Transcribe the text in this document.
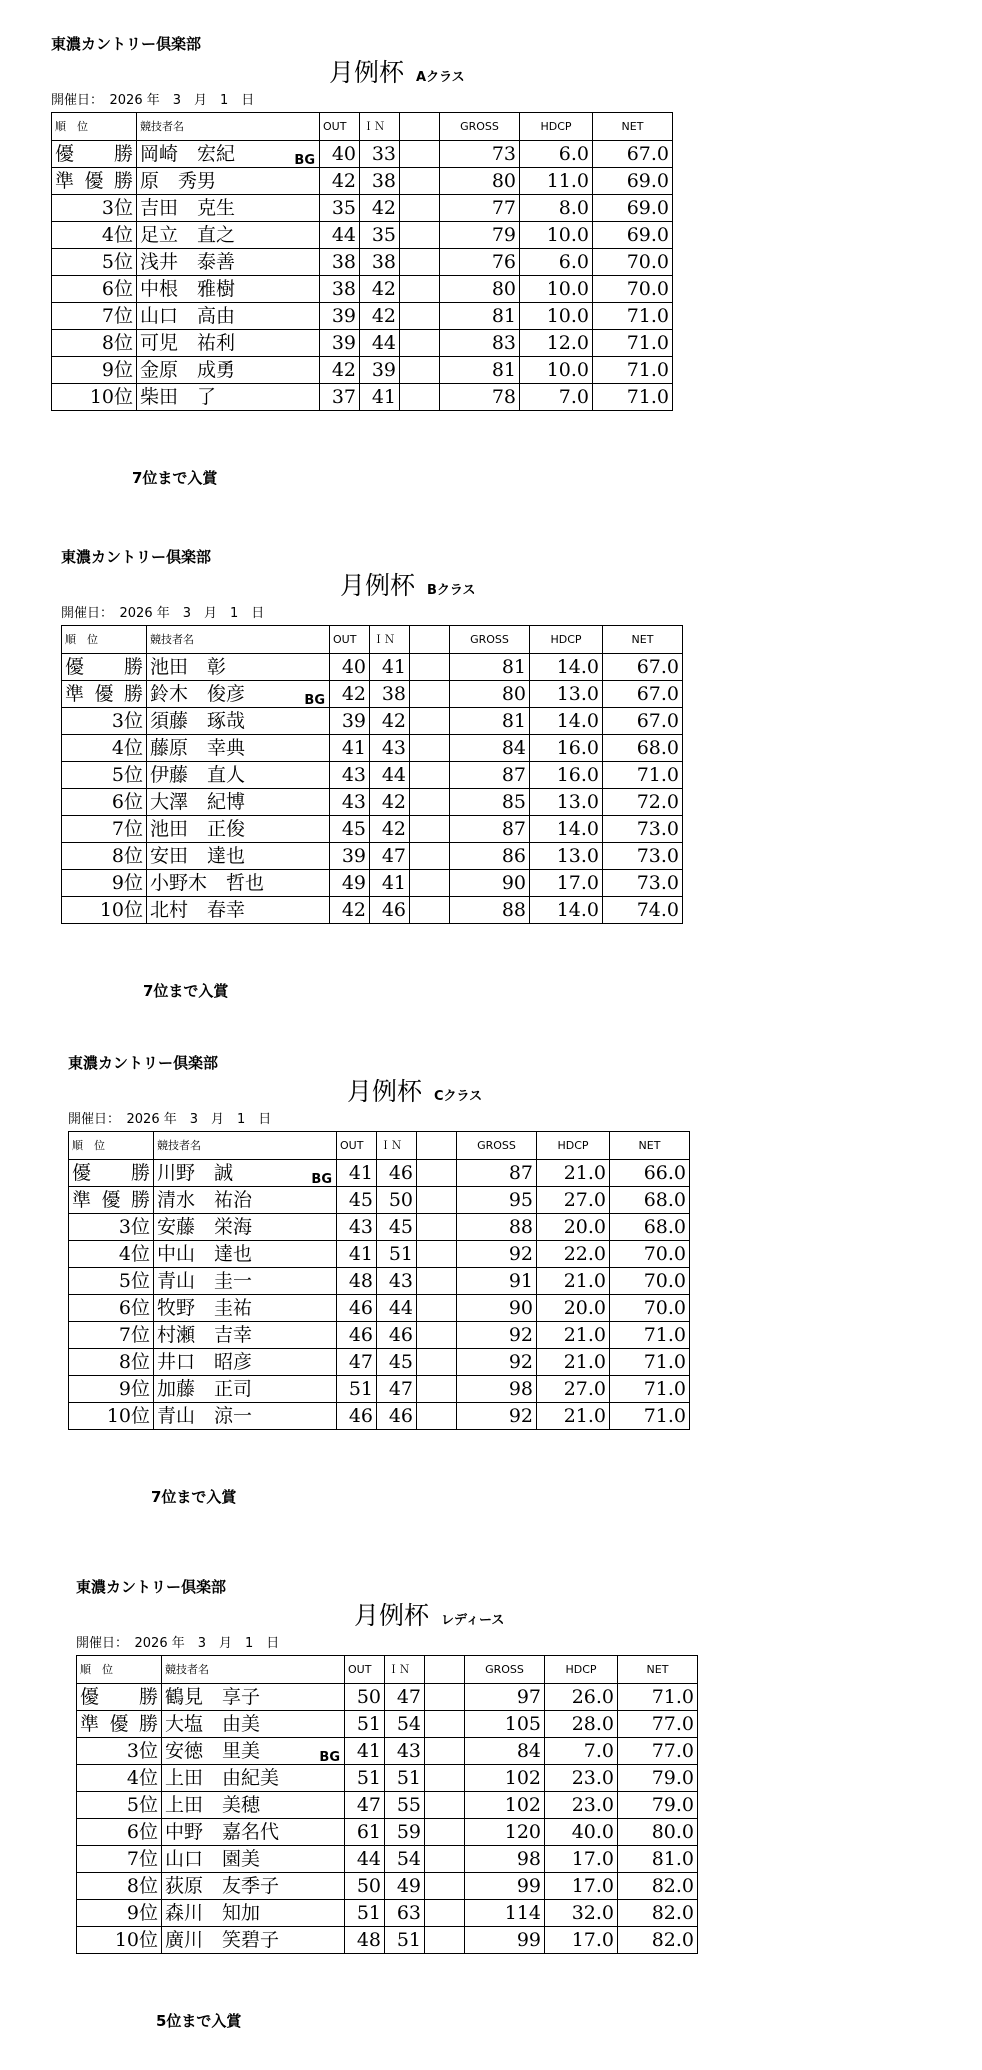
東濃カントリー倶楽部
月例杯 Aクラス
開催日：　2026 年　3　月　1　日
順　位	競技者名	OUT	ＩＮ		GROSS	HDCP	NET
優　勝	岡崎　宏紀 BG	40	33		73	6.0	67.0
準優勝	原　秀男	42	38		80	11.0	69.0
3位	吉田　克生	35	42		77	8.0	69.0
4位	足立　直之	44	35		79	10.0	69.0
5位	浅井　泰善	38	38		76	6.0	70.0
6位	中根　雅樹	38	42		80	10.0	70.0
7位	山口　高由	39	42		81	10.0	71.0
8位	可児　祐利	39	44		83	12.0	71.0
9位	金原　成勇	42	39		81	10.0	71.0
10位	柴田　了	37	41		78	7.0	71.0
7位まで入賞
東濃カントリー倶楽部
月例杯 Bクラス
開催日：　2026 年　3　月　1　日
順　位	競技者名	OUT	ＩＮ		GROSS	HDCP	NET
優　勝	池田　彰	40	41		81	14.0	67.0
準優勝	鈴木　俊彦 BG	42	38		80	13.0	67.0
3位	須藤　琢哉	39	42		81	14.0	67.0
4位	藤原　幸典	41	43		84	16.0	68.0
5位	伊藤　直人	43	44		87	16.0	71.0
6位	大澤　紀博	43	42		85	13.0	72.0
7位	池田　正俊	45	42		87	14.0	73.0
8位	安田　達也	39	47		86	13.0	73.0
9位	小野木　哲也	49	41		90	17.0	73.0
10位	北村　春幸	42	46		88	14.0	74.0
7位まで入賞
東濃カントリー倶楽部
月例杯 Cクラス
開催日：　2026 年　3　月　1　日
順　位	競技者名	OUT	ＩＮ		GROSS	HDCP	NET
優　勝	川野　誠 BG	41	46		87	21.0	66.0
準優勝	清水　祐治	45	50		95	27.0	68.0
3位	安藤　栄海	43	45		88	20.0	68.0
4位	中山　達也	41	51		92	22.0	70.0
5位	青山　圭一	48	43		91	21.0	70.0
6位	牧野　圭祐	46	44		90	20.0	70.0
7位	村瀬　吉幸	46	46		92	21.0	71.0
8位	井口　昭彦	47	45		92	21.0	71.0
9位	加藤　正司	51	47		98	27.0	71.0
10位	青山　涼一	46	46		92	21.0	71.0
7位まで入賞
東濃カントリー倶楽部
月例杯 レディース
開催日：　2026 年　3　月　1　日
順　位	競技者名	OUT	ＩＮ		GROSS	HDCP	NET
優　勝	鶴見　享子	50	47		97	26.0	71.0
準優勝	大塩　由美	51	54		105	28.0	77.0
3位	安徳　里美 BG	41	43		84	7.0	77.0
4位	上田　由紀美	51	51		102	23.0	79.0
5位	上田　美穂	47	55		102	23.0	79.0
6位	中野　嘉名代	61	59		120	40.0	80.0
7位	山口　園美	44	54		98	17.0	81.0
8位	荻原　友季子	50	49		99	17.0	82.0
9位	森川　知加	51	63		114	32.0	82.0
10位	廣川　笑碧子	48	51		99	17.0	82.0
5位まで入賞
